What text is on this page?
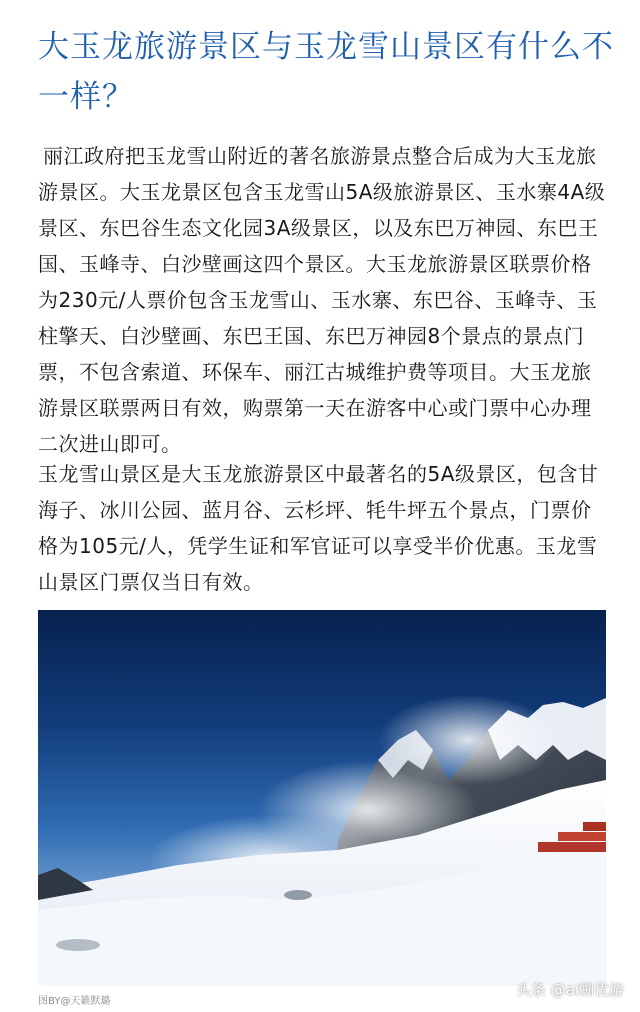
大玉龙旅游景区与玉龙雪山景区有什么不一样？

丽江政府把玉龙雪山附近的著名旅游景点整合后成为大玉龙旅游景区。大玉龙景区包含玉龙雪山5A级旅游景区、玉水寨4A级景区、东巴谷生态文化园3A级景区，以及东巴万神园、东巴王国、玉峰寺、白沙壁画这四个景区。大玉龙旅游景区联票价格为230元/人票价包含玉龙雪山、玉水寨、东巴谷、玉峰寺、玉柱擎天、白沙壁画、东巴王国、东巴万神园8个景点的景点门票，不包含索道、环保车、丽江古城维护费等项目。大玉龙旅游景区联票两日有效，购票第一天在游客中心或门票中心办理二次进山即可。

玉龙雪山景区是大玉龙旅游景区中最著名的5A级景区，包含甘海子、冰川公园、蓝月谷、云杉坪、牦牛坪五个景点，门票价格为105元/人，凭学生证和军官证可以享受半价优惠。玉龙雪山景区门票仅当日有效。

图BY@天籁默璐
头条 @ai蜘优游
